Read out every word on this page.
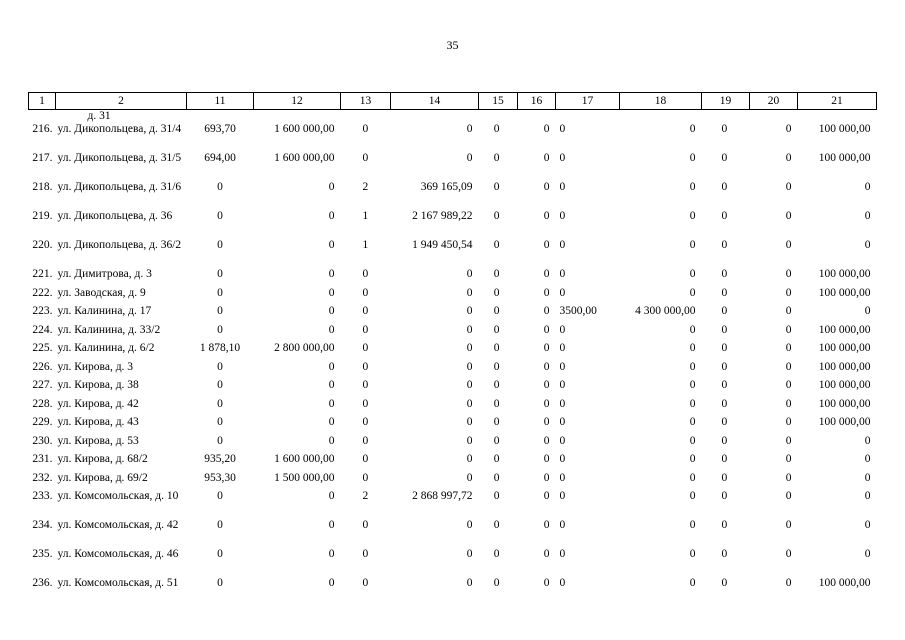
35
1	2	11	12	13	14	15	16	17	18	19	20	21
	д. 31											
216.	ул. Дикопольцева, д. 31/4	693,70	1 600 000,00	0	0	0	0	0	0	0	0	100 000,00
217.	ул. Дикопольцева, д. 31/5	694,00	1 600 000,00	0	0	0	0	0	0	0	0	100 000,00
218.	ул. Дикопольцева, д. 31/6	0	0	2	369 165,09	0	0	0	0	0	0	0
219.	ул. Дикопольцева, д. 36	0	0	1	2 167 989,22	0	0	0	0	0	0	0
220.	ул. Дикопольцева, д. 36/2	0	0	1	1 949 450,54	0	0	0	0	0	0	0
221.	ул. Димитрова, д. 3	0	0	0	0	0	0	0	0	0	0	100 000,00
222.	ул. Заводская, д. 9	0	0	0	0	0	0	0	0	0	0	100 000,00
223.	ул. Калинина, д. 17	0	0	0	0	0	0	3500,00	4 300 000,00	0	0	0
224.	ул. Калинина, д. 33/2	0	0	0	0	0	0	0	0	0	0	100 000,00
225.	ул. Калинина, д. 6/2	1 878,10	2 800 000,00	0	0	0	0	0	0	0	0	100 000,00
226.	ул. Кирова, д. 3	0	0	0	0	0	0	0	0	0	0	100 000,00
227.	ул. Кирова, д. 38	0	0	0	0	0	0	0	0	0	0	100 000,00
228.	ул. Кирова, д. 42	0	0	0	0	0	0	0	0	0	0	100 000,00
229.	ул. Кирова, д. 43	0	0	0	0	0	0	0	0	0	0	100 000,00
230.	ул. Кирова, д. 53	0	0	0	0	0	0	0	0	0	0	0
231.	ул. Кирова, д. 68/2	935,20	1 600 000,00	0	0	0	0	0	0	0	0	0
232.	ул. Кирова, д. 69/2	953,30	1 500 000,00	0	0	0	0	0	0	0	0	0
233.	ул. Комсомольская, д. 10	0	0	2	2 868 997,72	0	0	0	0	0	0	0
234.	ул. Комсомольская, д. 42	0	0	0	0	0	0	0	0	0	0	0
235.	ул. Комсомольская, д. 46	0	0	0	0	0	0	0	0	0	0	0
236.	ул. Комсомольская, д. 51	0	0	0	0	0	0	0	0	0	0	100 000,00
